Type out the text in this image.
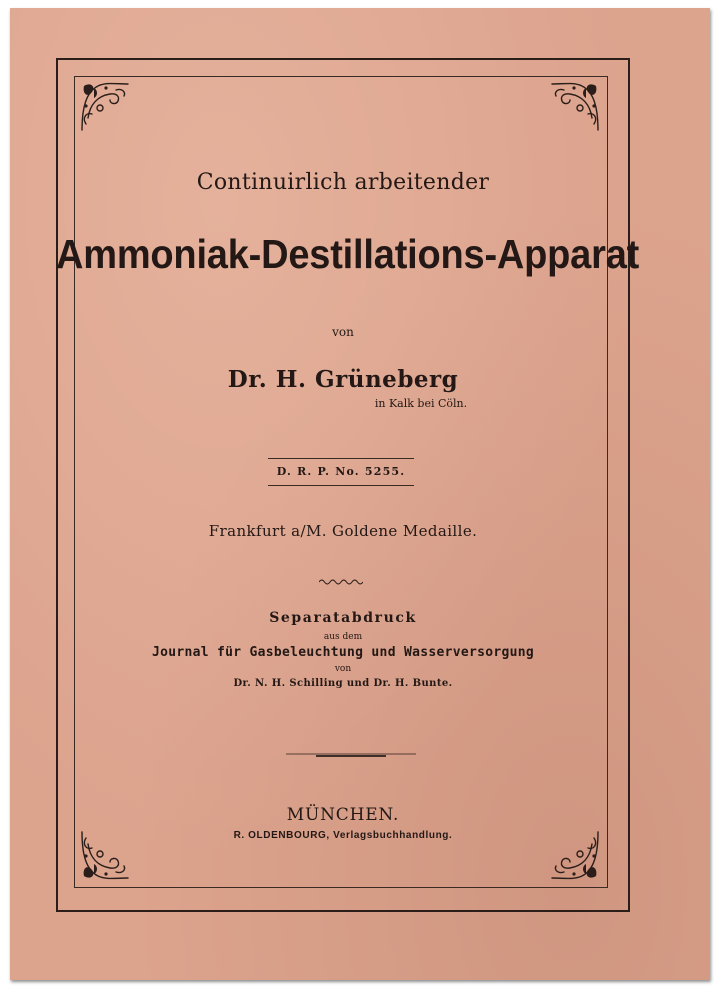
Continuirlich arbeitender
Ammoniak-Destillations-Apparat
von
Dr. H. Grüneberg
in Kalk bei Cöln.
D. R. P. No. 5255.
Frankfurt a/M. Goldene Medaille.
Separatabdruck
aus dem
Journal für Gasbeleuchtung und Wasserversorgung
von
Dr. N. H. Schilling und Dr. H. Bunte.
MÜNCHEN.
R. OLDENBOURG, Verlagsbuchhandlung.
